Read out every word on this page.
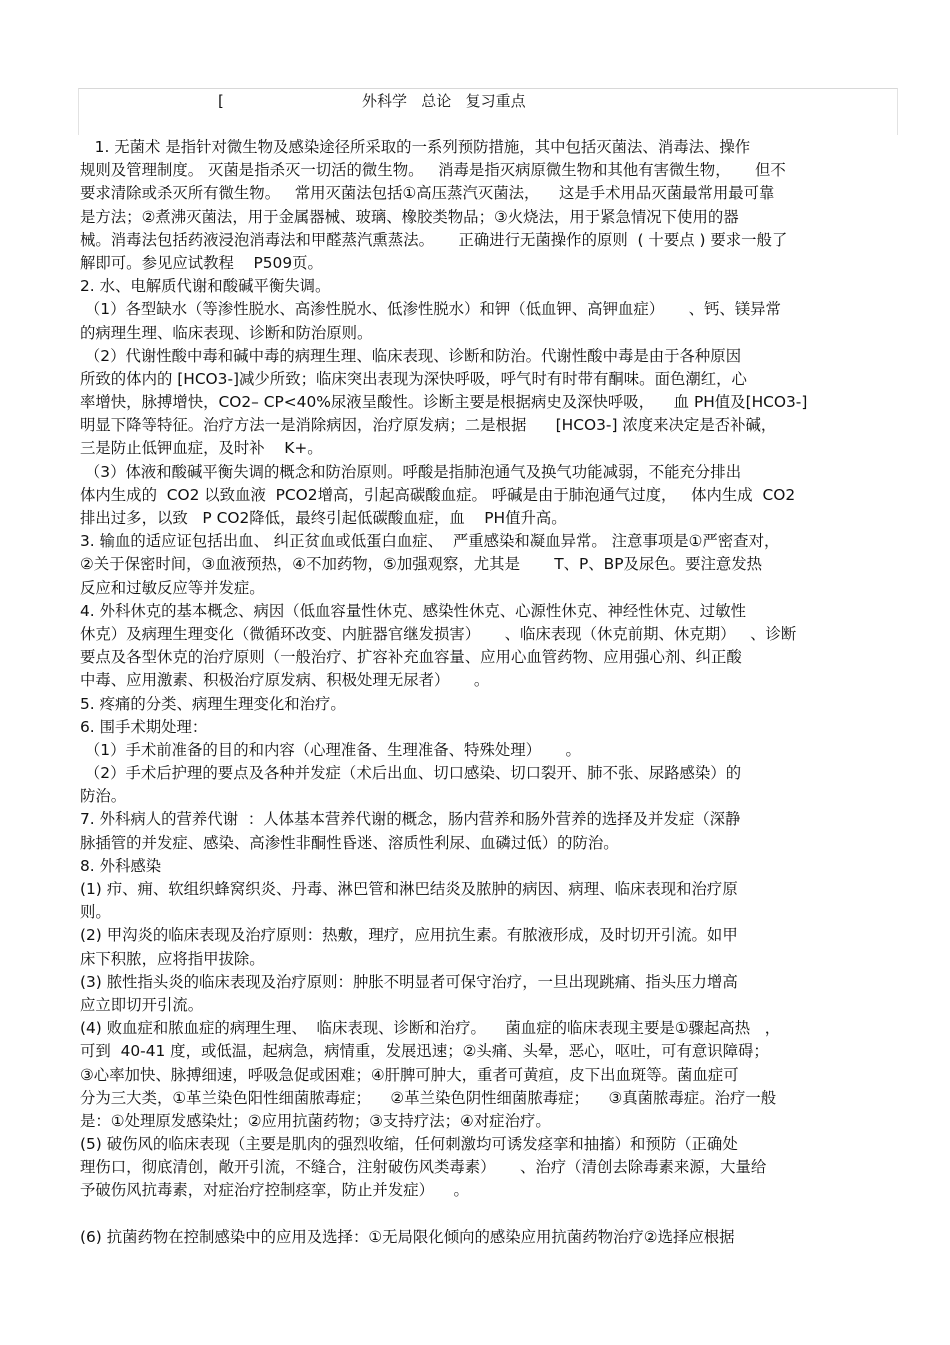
[	外科学   总论   复习重点
1. 无菌术 是指针对微生物及感染途径所采取的一系列预防措施，其中包括灭菌法、消毒法、操作
规则及管理制度。 灭菌是指杀灭一切活的微生物。   消毒是指灭病原微生物和其他有害微生物，     但不
要求清除或杀灭所有微生物。   常用灭菌法包括①高压蒸汽灭菌法，    这是手术用品灭菌最常用最可靠
是方法；②煮沸灭菌法，用于金属器械、玻璃、橡胶类物品；③火烧法，用于紧急情况下使用的器
械。消毒法包括药液浸泡消毒法和甲醛蒸汽熏蒸法。     正确进行无菌操作的原则  ( 十要点 ) 要求一般了
解即可。参见应试教程    P509页。
2. 水、电解质代谢和酸碱平衡失调。
（1）各型缺水（等渗性脱水、高渗性脱水、低渗性脱水）和钾（低血钾、高钾血症）     、钙、镁异常
的病理生理、临床表现、诊断和防治原则。
（2）代谢性酸中毒和碱中毒的病理生理、临床表现、诊断和防治。代谢性酸中毒是由于各种原因
所致的体内的 [HCO3-]减少所致；临床突出表现为深快呼吸，呼气时有时带有酮味。面色潮红，心
率增快，脉搏增快，CO2– CP<40%尿液呈酸性。诊断主要是根据病史及深快呼吸，    血 PH值及[HCO3-]
明显下降等特征。治疗方法一是消除病因，治疗原发病；二是根据      [HCO3-] 浓度来决定是否补碱，
三是防止低钾血症，及时补    K+。
（3）体液和酸碱平衡失调的概念和防治原则。呼酸是指肺泡通气及换气功能减弱，不能充分排出
体内生成的  CO2 以致血液  PCO2增高，引起高碳酸血症。 呼碱是由于肺泡通气过度，   体内生成  CO2
排出过多，以致   P CO2降低，最终引起低碳酸血症，血    PH值升高。
3. 输血的适应证包括出血、 纠正贫血或低蛋白血症、  严重感染和凝血异常。 注意事项是①严密查对，
②关于保密时间，③血液预热，④不加药物，⑤加强观察，尤其是       T、P、BP及尿色。要注意发热
反应和过敏反应等并发症。
4. 外科休克的基本概念、病因（低血容量性休克、感染性休克、心源性休克、神经性休克、过敏性
休克）及病理生理变化（微循环改变、内脏器官继发损害）     、临床表现（休克前期、休克期）   、诊断
要点及各型休克的治疗原则（一般治疗、扩容补充血容量、应用心血管药物、应用强心剂、纠正酸
中毒、应用激素、积极治疗原发病、积极处理无尿者）     。
5. 疼痛的分类、病理生理变化和治疗。
6. 围手术期处理：
（1）手术前准备的目的和内容（心理准备、生理准备、特殊处理）     。
（2）手术后护理的要点及各种并发症（术后出血、切口感染、切口裂开、肺不张、尿路感染）的
防治。
7. 外科病人的营养代谢  ：人体基本营养代谢的概念，肠内营养和肠外营养的选择及并发症（深静
脉插管的并发症、感染、高渗性非酮性昏迷、溶质性利尿、血磷过低）的防治。
8. 外科感染
(1) 疖、痈、软组织蜂窝织炎、丹毒、淋巴管和淋巴结炎及脓肿的病因、病理、临床表现和治疗原
则。
(2) 甲沟炎的临床表现及治疗原则：热敷，理疗，应用抗生素。有脓液形成，及时切开引流。如甲
床下积脓，应将指甲拔除。
(3) 脓性指头炎的临床表现及治疗原则：肿胀不明显者可保守治疗，一旦出现跳痛、指头压力增高
应立即切开引流。
(4) 败血症和脓血症的病理生理、  临床表现、诊断和治疗。    菌血症的临床表现主要是①骤起高热   ，
可到  40-41 度，或低温，起病急，病情重，发展迅速；②头痛、头晕，恶心，呕吐，可有意识障碍；
③心率加快、脉搏细速，呼吸急促或困难；④肝脾可肿大，重者可黄疸，皮下出血斑等。菌血症可
分为三大类，①革兰染色阳性细菌脓毒症；    ②革兰染色阴性细菌脓毒症；    ③真菌脓毒症。治疗一般
是：①处理原发感染灶；②应用抗菌药物；③支持疗法；④对症治疗。
(5) 破伤风的临床表现（主要是肌肉的强烈收缩，任何刺激均可诱发痉挛和抽搐）和预防（正确处
理伤口，彻底清创，敞开引流，不缝合，注射破伤风类毒素）     、治疗（清创去除毒素来源，大量给
予破伤风抗毒素，对症治疗控制痉挛，防止并发症）    。
(6) 抗菌药物在控制感染中的应用及选择：①无局限化倾向的感染应用抗菌药物治疗②选择应根据
